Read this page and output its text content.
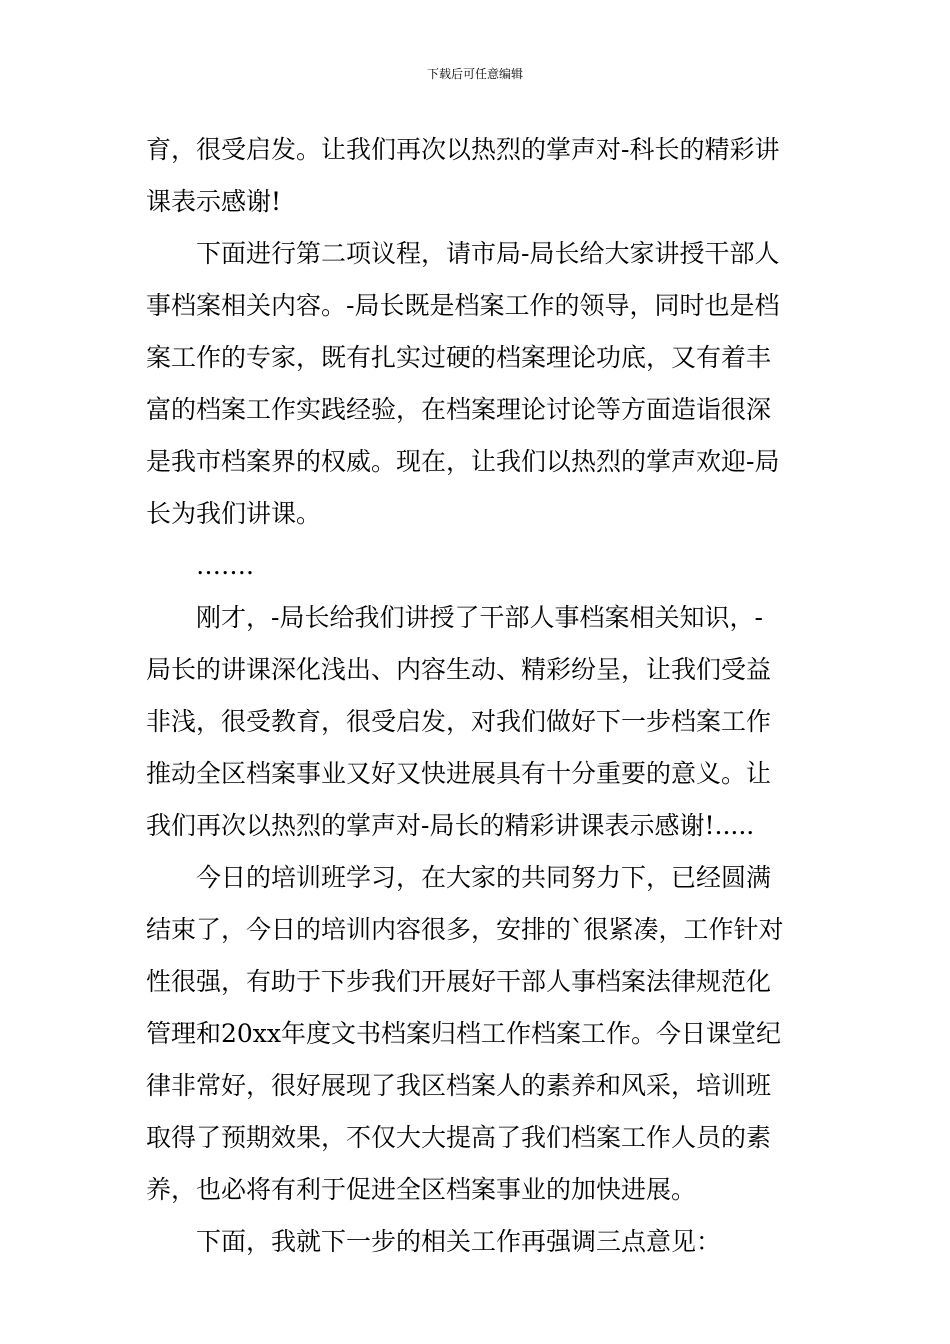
下载后可任意编辑
育，很受启发。让我们再次以热烈的掌声对-科长的精彩讲
课表示感谢!
下面进行第二项议程，请市局-局长给大家讲授干部人
事档案相关内容。-局长既是档案工作的领导，同时也是档
案工作的专家，既有扎实过硬的档案理论功底，又有着丰
富的档案工作实践经验，在档案理论讨论等方面造诣很深
是我市档案界的权威。现在，让我们以热烈的掌声欢迎-局
长为我们讲课。
…….
刚才，-局长给我们讲授了干部人事档案相关知识，-
局长的讲课深化浅出、内容生动、精彩纷呈，让我们受益
非浅，很受教育，很受启发，对我们做好下一步档案工作
推动全区档案事业又好又快进展具有十分重要的意义。让
我们再次以热烈的掌声对-局长的精彩讲课表示感谢!.....
今日的培训班学习，在大家的共同努力下，已经圆满
结束了，今日的培训内容很多，安排的`很紧凑，工作针对
性很强，有助于下步我们开展好干部人事档案法律规范化
管理和20xx年度文书档案归档工作档案工作。今日课堂纪
律非常好，很好展现了我区档案人的素养和风采，培训班
取得了预期效果，不仅大大提高了我们档案工作人员的素
养，也必将有利于促进全区档案事业的加快进展。
下面，我就下一步的相关工作再强调三点意见：
